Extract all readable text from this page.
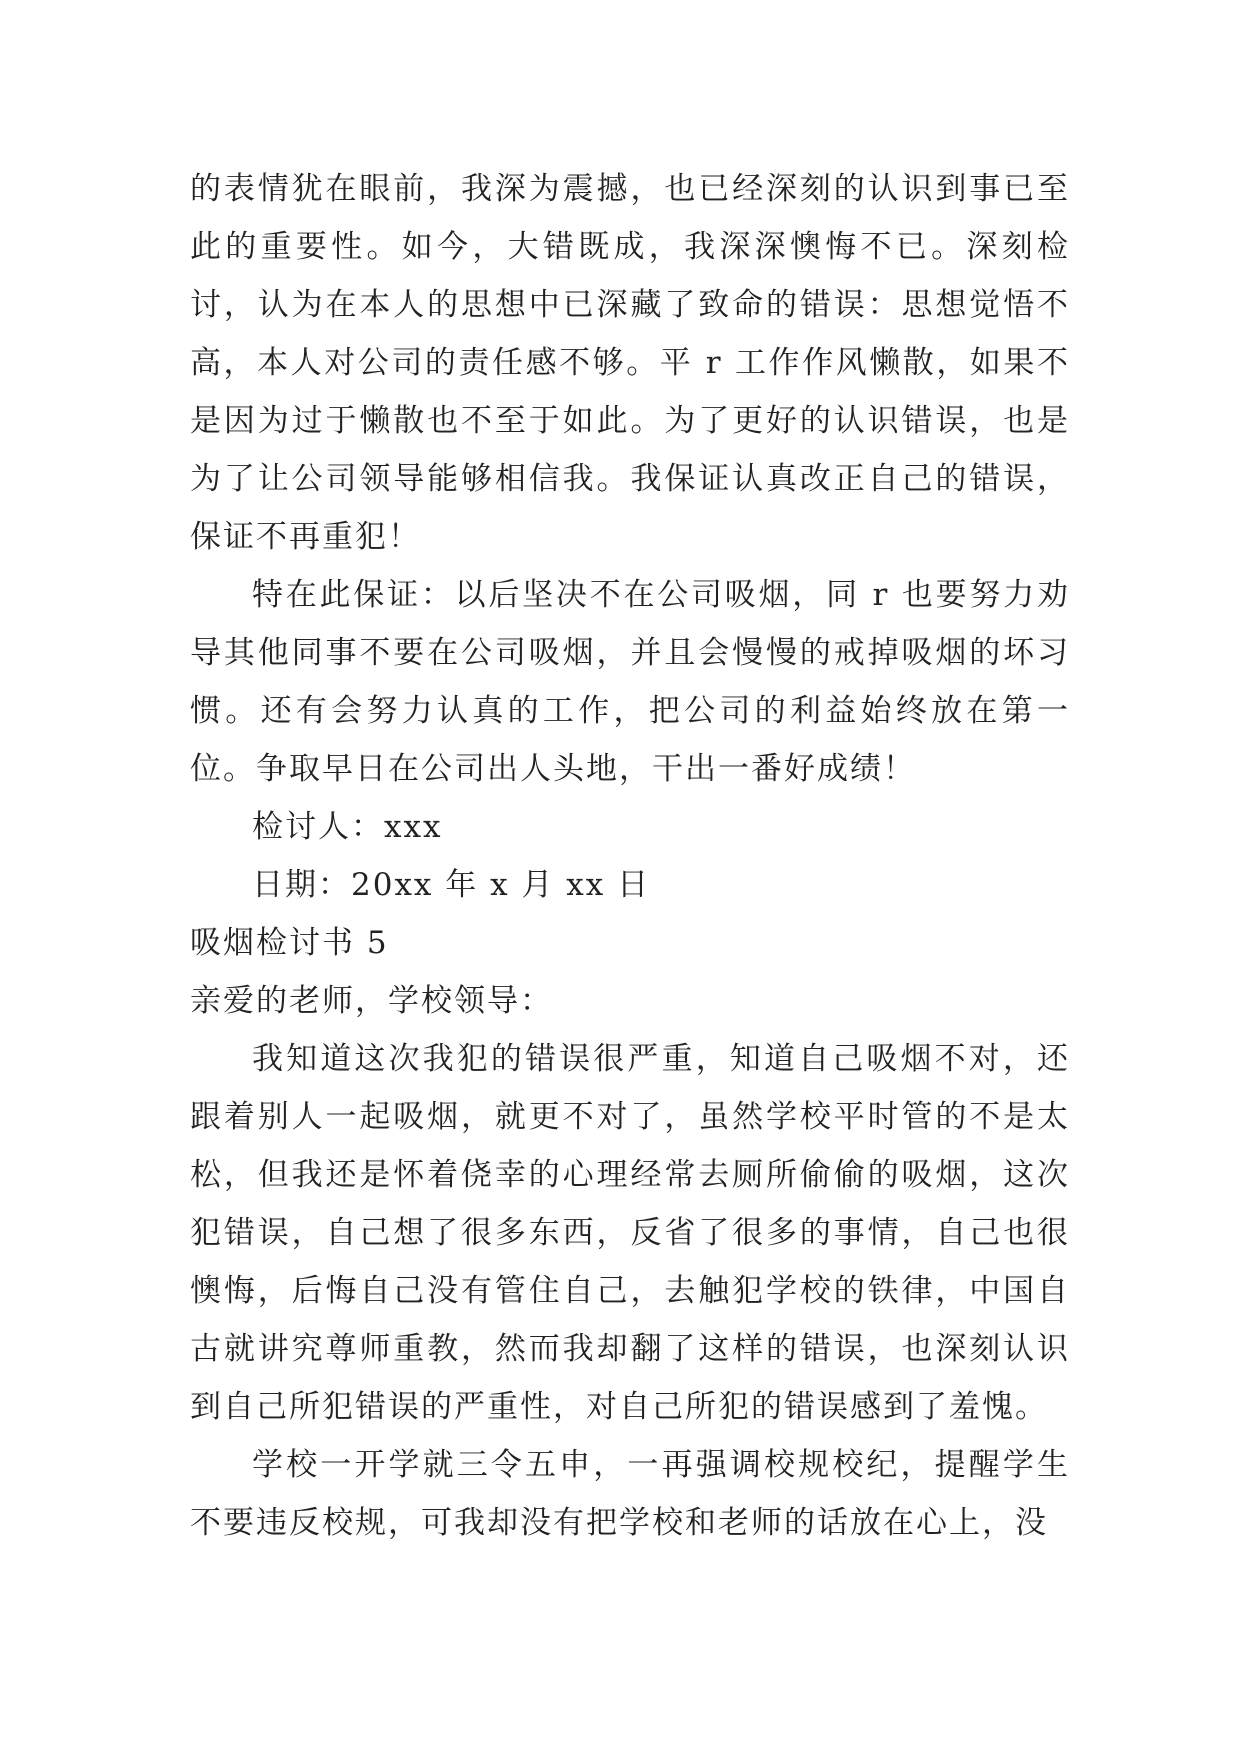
的表情犹在眼前，我深为震撼，也已经深刻的认识到事已至此的重要性。如今，大错既成，我深深懊悔不已。深刻检讨，认为在本人的思想中已深藏了致命的错误：思想觉悟不高，本人对公司的责任感不够。平 r 工作作风懒散，如果不是因为过于懒散也不至于如此。为了更好的认识错误，也是为了让公司领导能够相信我。我保证认真改正自己的错误，保证不再重犯！

特在此保证：以后坚决不在公司吸烟，同 r 也要努力劝导其他同事不要在公司吸烟，并且会慢慢的戒掉吸烟的坏习惯。还有会努力认真的工作，把公司的利益始终放在第一位。争取早日在公司出人头地，干出一番好成绩！

检讨人：xxx

日期：20xx 年 x 月 xx 日

吸烟检讨书 5

亲爱的老师，学校领导：

我知道这次我犯的错误很严重，知道自己吸烟不对，还跟着别人一起吸烟，就更不对了，虽然学校平时管的不是太松，但我还是怀着侥幸的心理经常去厕所偷偷的吸烟，这次犯错误，自己想了很多东西，反省了很多的事情，自己也很懊悔，后悔自己没有管住自己，去触犯学校的铁律，中国自古就讲究尊师重教，然而我却翻了这样的错误，也深刻认识到自己所犯错误的严重性，对自己所犯的错误感到了羞愧。

学校一开学就三令五申，一再强调校规校纪，提醒学生不要违反校规，可我却没有把学校和老师的话放在心上，没
